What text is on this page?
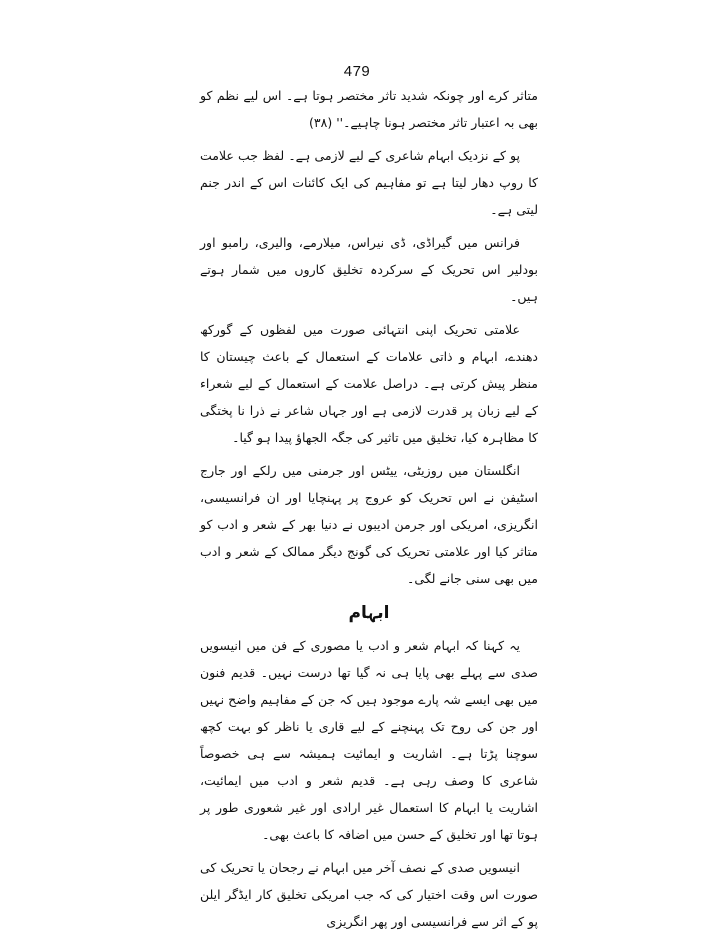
479

متاثر کرے اور چونکہ شدید تاثر مختصر ہوتا ہے۔ اس لیے نظم کو بھی بہ اعتبار تاثر مختصر ہونا چاہیے۔'' (۳۸)

پو کے نزدیک ابہام شاعری کے لیے لازمی ہے۔ لفظ جب علامت کا روپ دھار لیتا ہے تو مفاہیم کی ایک کائنات اس کے اندر جنم لیتی ہے۔

فرانس میں گیراڈی، ڈی نیراس، میلارمے، والیری، رامبو اور بودلیر اس تحریک کے سرکردہ تخلیق کاروں میں شمار ہوتے ہیں۔

علامتی تحریک اپنی انتہائی صورت میں لفظوں کے گورکھ دھندے، ابہام و ذاتی علامات کے استعمال کے باعث چیستان کا منظر پیش کرتی ہے۔ دراصل علامت کے استعمال کے لیے شعراء کے لیے زبان پر قدرت لازمی ہے اور جہاں شاعر نے ذرا نا پختگی کا مظاہرہ کیا، تخلیق میں تاثیر کی جگہ الجھاؤ پیدا ہو گیا۔

انگلستان میں روزیٹی، ییٹس اور جرمنی میں رلکے اور جارج اسٹیفن نے اس تحریک کو عروج پر پہنچایا اور ان فرانسیسی، انگریزی، امریکی اور جرمن ادیبوں نے دنیا بھر کے شعر و ادب کو متاثر کیا اور علامتی تحریک کی گونج دیگر ممالک کے شعر و ادب میں بھی سنی جانے لگی۔

ابہام

یہ کہنا کہ ابہام شعر و ادب یا مصوری کے فن میں انیسویں صدی سے پہلے بھی پایا ہی نہ گیا تھا درست نہیں۔ قدیم فنون میں بھی ایسے شہ پارے موجود ہیں کہ جن کے مفاہیم واضح نہیں اور جن کی روح تک پہنچنے کے لیے قاری یا ناظر کو بہت کچھ سوچنا پڑتا ہے۔ اشاریت و ایمائیت ہمیشہ سے ہی خصوصاً شاعری کا وصف رہی ہے۔ قدیم شعر و ادب میں ایمائیت، اشاریت یا ابہام کا استعمال غیر ارادی اور غیر شعوری طور پر ہوتا تھا اور تخلیق کے حسن میں اضافہ کا باعث بھی۔

انیسویں صدی کے نصف آخر میں ابہام نے رجحان یا تحریک کی صورت اس وقت اختیار کی کہ جب امریکی تخلیق کار ایڈگر ایلن پو کے اثر سے فرانسیسی اور پھر انگریزی
